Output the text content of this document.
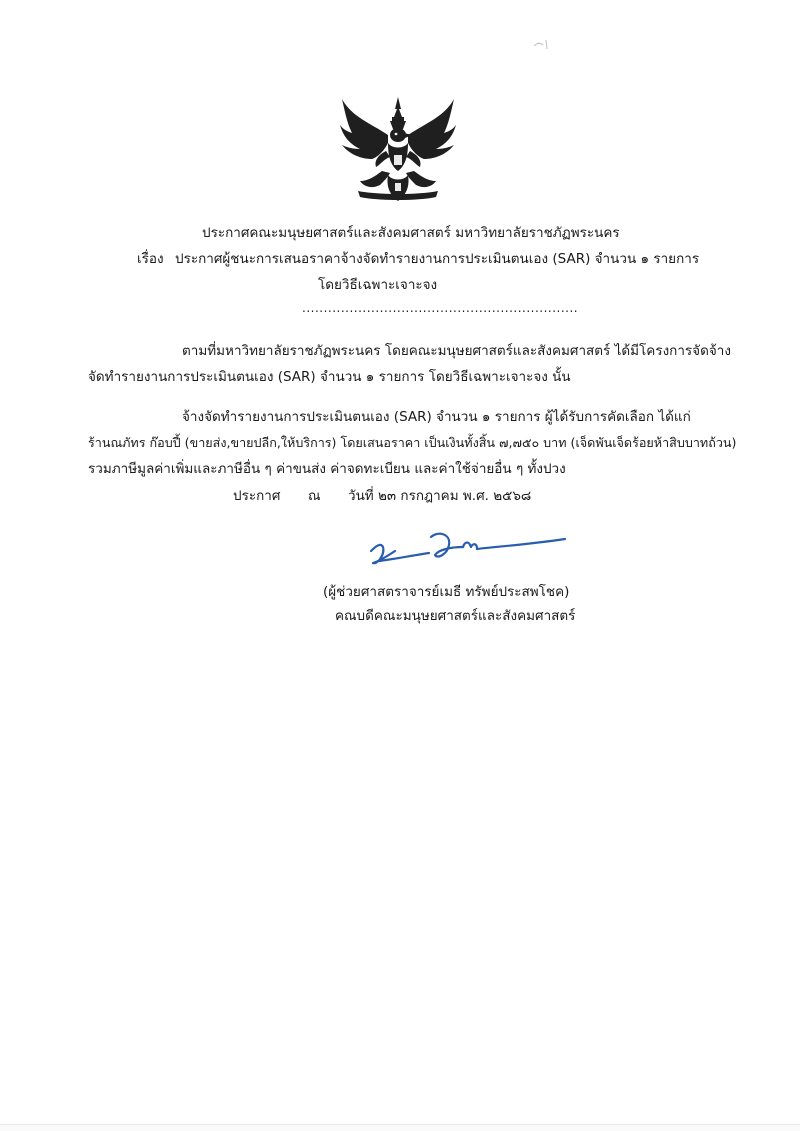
ประกาศคณะมนุษยศาสตร์และสังคมศาสตร์ มหาวิทยาลัยราชภัฏพระนคร
เรื่อง ประกาศผู้ชนะการเสนอราคาจ้างจัดทำรายงานการประเมินตนเอง (SAR) จำนวน ๑ รายการ
โดยวิธีเฉพาะเจาะจง
................................................................
ตามที่มหาวิทยาลัยราชภัฏพระนคร โดยคณะมนุษยศาสตร์และสังคมศาสตร์ ได้มีโครงการจัดจ้าง
จัดทำรายงานการประเมินตนเอง (SAR) จำนวน ๑ รายการ โดยวิธีเฉพาะเจาะจง นั้น
จ้างจัดทำรายงานการประเมินตนเอง (SAR) จำนวน ๑ รายการ ผู้ได้รับการคัดเลือก ได้แก่
ร้านณภัทร ก๊อบปี้ (ขายส่ง,ขายปลีก,ให้บริการ) โดยเสนอราคา เป็นเงินทั้งสิ้น ๗,๗๕๐ บาท (เจ็ดพันเจ็ดร้อยห้าสิบบาทถ้วน)
รวมภาษีมูลค่าเพิ่มและภาษีอื่น ๆ ค่าขนส่ง ค่าจดทะเบียน และค่าใช้จ่ายอื่น ๆ ทั้งปวง
ประกาศ ณ วันที่ ๒๓ กรกฎาคม พ.ศ. ๒๕๖๘
(ผู้ช่วยศาสตราจารย์เมธี ทรัพย์ประสพโชค)
คณบดีคณะมนุษยศาสตร์และสังคมศาสตร์
